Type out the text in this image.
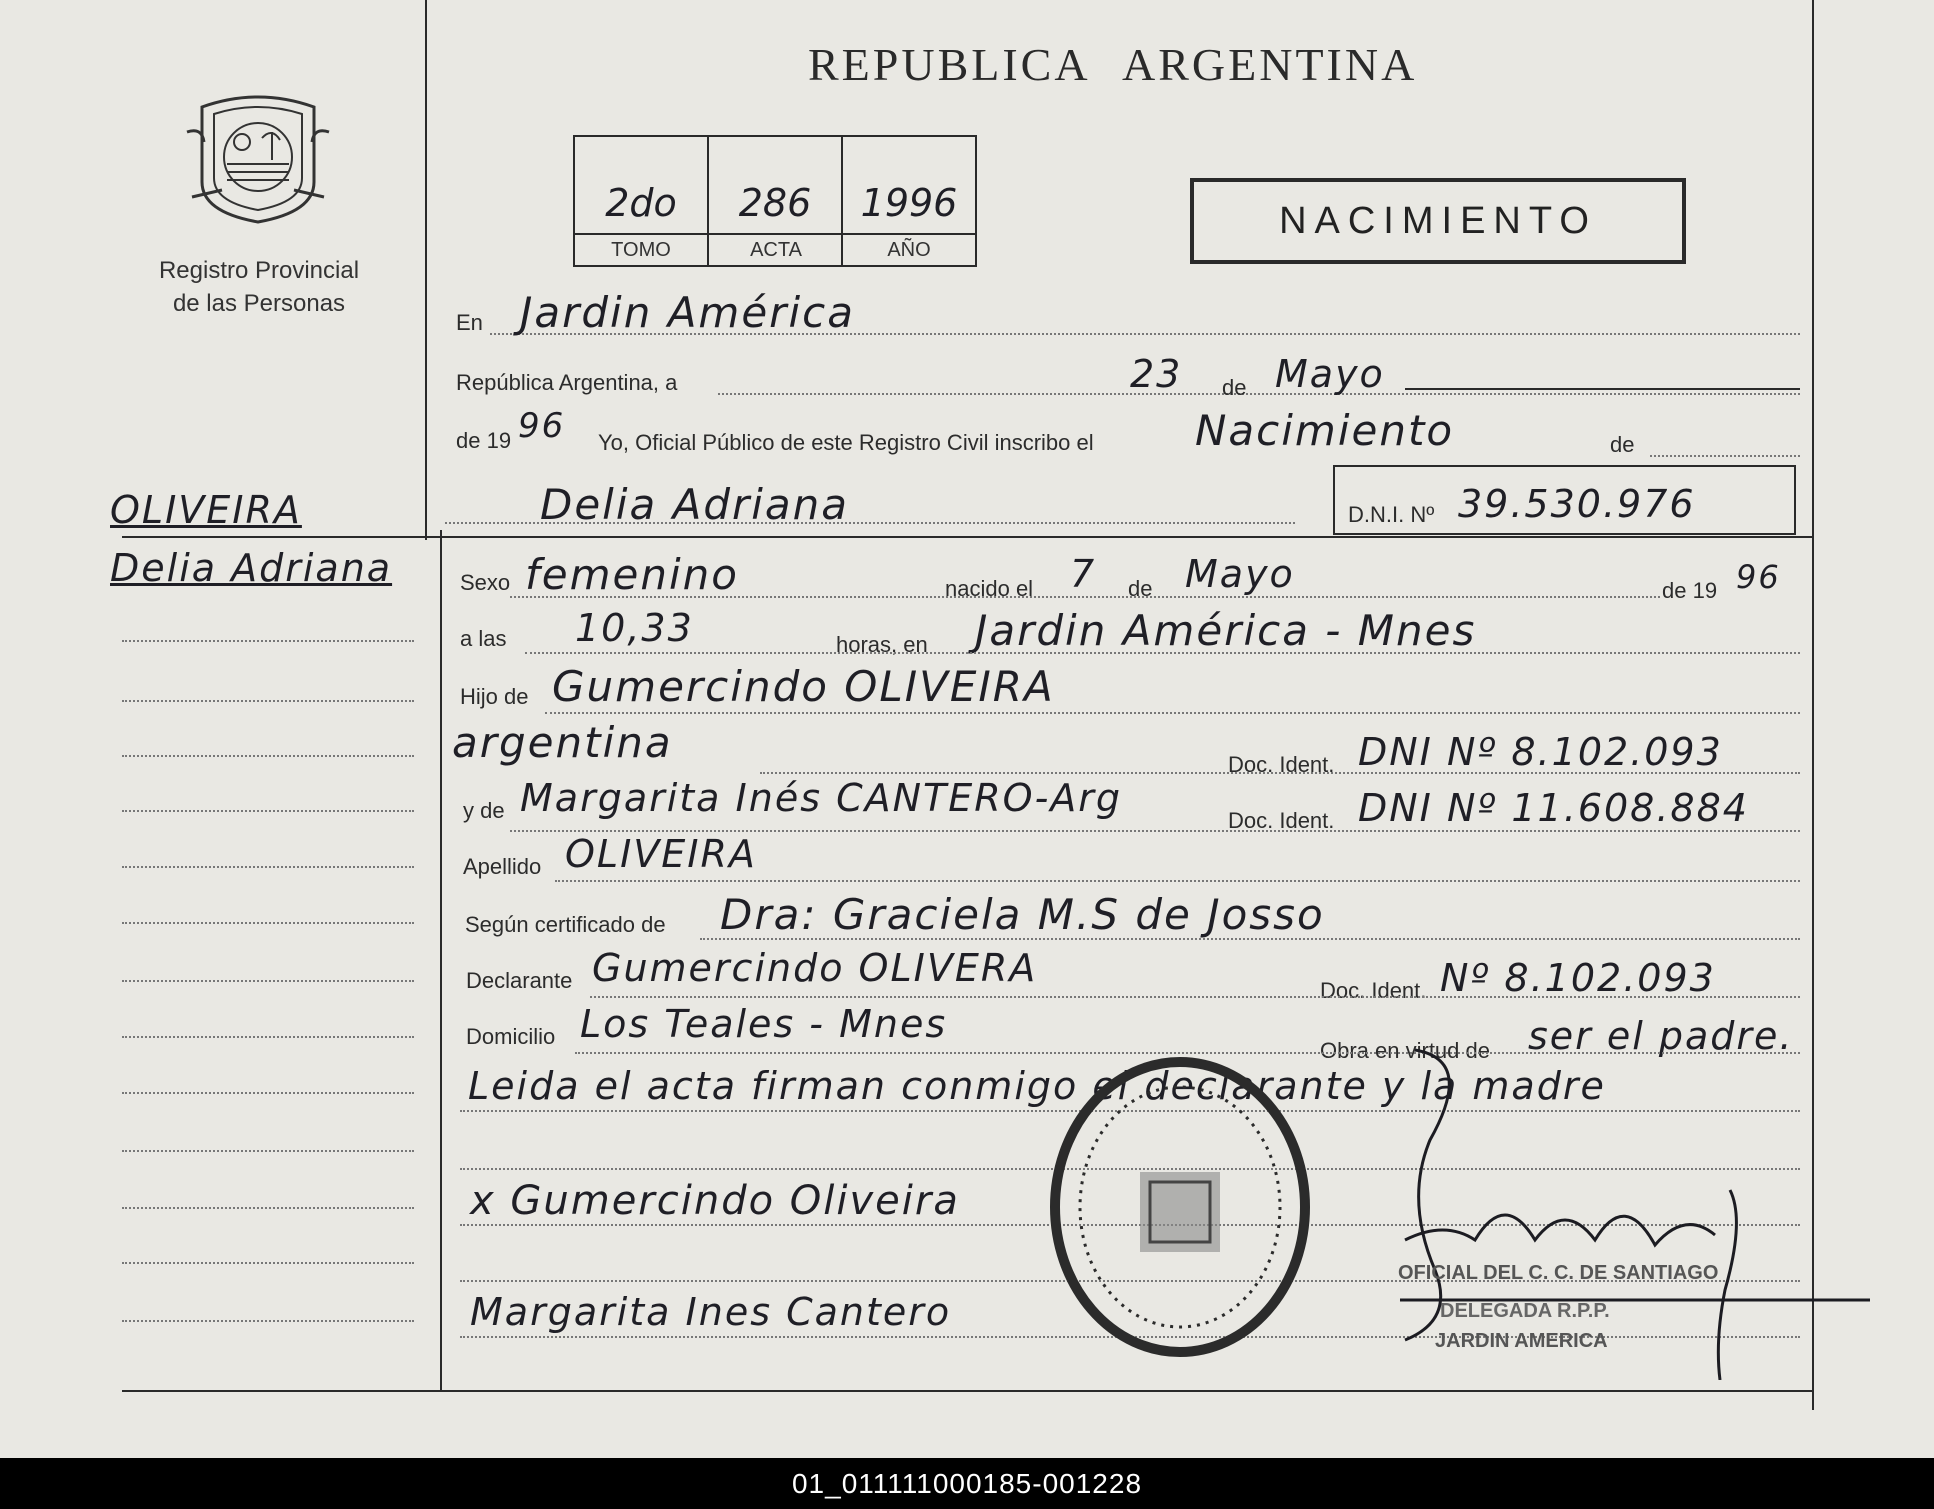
Registro Provincial
de las Personas
REPUBLICA ARGENTINA
2do	286	1996
TOMO	ACTA	AÑO
NACIMIENTO
OLIVEIRA
Delia Adriana
En Jardin América
República Argentina, a	23 de Mayo
de 19 96 Yo, Oficial Público de este Registro Civil inscribo el Nacimiento	de
Delia Adriana	D.N.I. Nº 39.530.976
Sexo femenino	nacido el 7 de Mayo	de 19 96
a las 10,33	horas, en Jardin América - Mnes
Hijo de Gumercindo OLIVEIRA
argentina	Doc. Ident. DNI Nº 8.102.093
y de Margarita Inés CANTERO-Arg
Doc. Ident. DNI Nº 11.608.884
Apellido OLIVEIRA
Según certificado de Dra: Graciela M.S de Josso
Declarante Gumercindo OLIVERA
Doc. Ident. Nº 8.102.093
Domicilio Los Teales - Mnes
Obra en virtud de ser el padre.
Leida el acta firman conmigo el declarante y la madre
x Gumercindo Oliveira
Margarita Ines Cantero
OFICIAL DEL C. C. DE SANTIAGO
DELEGADA R.P.P.
JARDIN AMERICA
01_011111000185-001228
